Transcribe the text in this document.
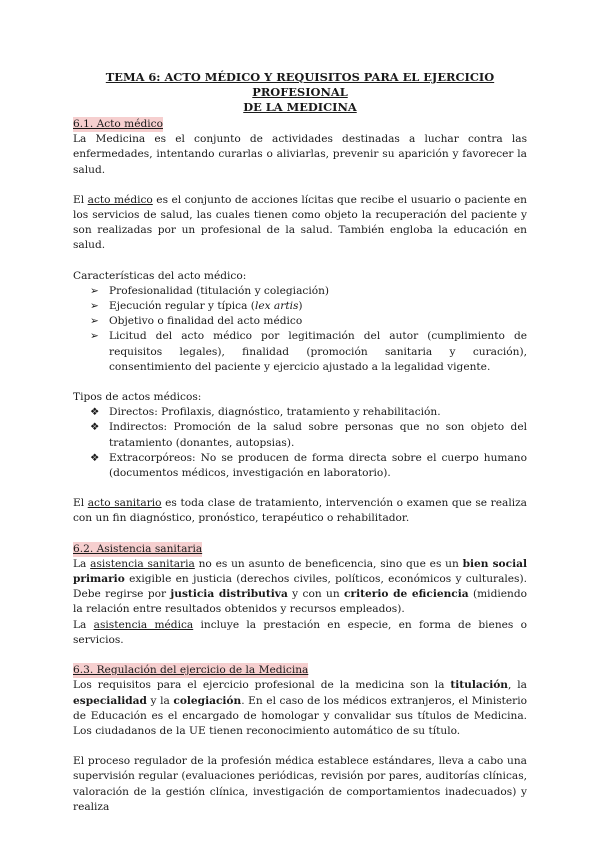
TEMA 6: ACTO MÉDICO Y REQUISITOS PARA EL EJERCICIO PROFESIONAL
DE LA MEDICINA
6.1. Acto médico

La Medicina es el conjunto de actividades destinadas a luchar contra las enfermedades, intentando curarlas o aliviarlas, prevenir su aparición y favorecer la salud.

El acto médico es el conjunto de acciones lícitas que recibe el usuario o paciente en los servicios de salud, las cuales tienen como objeto la recuperación del paciente y son realizadas por un profesional de la salud. También engloba la educación en salud.

Características del acto médico:

➢ Profesionalidad (titulación y colegiación)
➢ Ejecución regular y típica (lex artis)
➢ Objetivo o finalidad del acto médico
➢ Licitud del acto médico por legitimación del autor (cumplimiento de requisitos legales), finalidad (promoción sanitaria y curación), consentimiento del paciente y ejercicio ajustado a la legalidad vigente.

Tipos de actos médicos:

❖ Directos: Profilaxis, diagnóstico, tratamiento y rehabilitación.
❖ Indirectos: Promoción de la salud sobre personas que no son objeto del tratamiento (donantes, autopsias).
❖ Extracorpóreos: No se producen de forma directa sobre el cuerpo humano (documentos médicos, investigación en laboratorio).

El acto sanitario es toda clase de tratamiento, intervención o examen que se realiza con un fin diagnóstico, pronóstico, terapéutico o rehabilitador.

6.2. Asistencia sanitaria

La asistencia sanitaria no es un asunto de beneficencia, sino que es un bien social primario exigible en justicia (derechos civiles, políticos, económicos y culturales). Debe regirse por justicia distributiva y con un criterio de eficiencia (midiendo la relación entre resultados obtenidos y recursos empleados).

La asistencia médica incluye la prestación en especie, en forma de bienes o servicios.

6.3. Regulación del ejercicio de la Medicina

Los requisitos para el ejercicio profesional de la medicina son la titulación, la especialidad y la colegiación. En el caso de los médicos extranjeros, el Ministerio de Educación es el encargado de homologar y convalidar sus títulos de Medicina. Los ciudadanos de la UE tienen reconocimiento automático de su título.

El proceso regulador de la profesión médica establece estándares, lleva a cabo una supervisión regular (evaluaciones periódicas, revisión por pares, auditorías clínicas, valoración de la gestión clínica, investigación de comportamientos inadecuados) y realiza
